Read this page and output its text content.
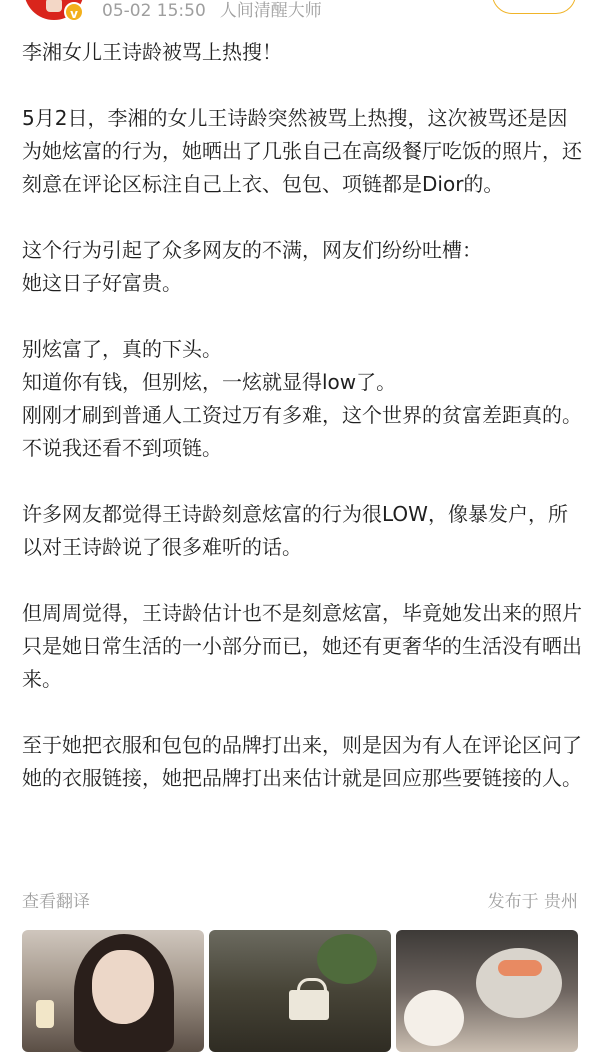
v	05-02 15:50 人间清醒大师

李湘女儿王诗龄被骂上热搜！

5月2日，李湘的女儿王诗龄突然被骂上热搜，这次被骂还是因为她炫富的行为，她晒出了几张自己在高级餐厅吃饭的照片，还刻意在评论区标注自己上衣、包包、项链都是Dior的。

这个行为引起了众多网友的不满，网友们纷纷吐槽：

她这日子好富贵。

别炫富了，真的下头。

知道你有钱，但别炫，一炫就显得low了。

刚刚才刷到普通人工资过万有多难，这个世界的贫富差距真的。

不说我还看不到项链。

许多网友都觉得王诗龄刻意炫富的行为很LOW，像暴发户，所以对王诗龄说了很多难听的话。

但周周觉得，王诗龄估计也不是刻意炫富，毕竟她发出来的照片只是她日常生活的一小部分而已，她还有更奢华的生活没有晒出来。

至于她把衣服和包包的品牌打出来，则是因为有人在评论区问了她的衣服链接，她把品牌打出来估计就是回应那些要链接的人。

查看翻译	发布于 贵州
